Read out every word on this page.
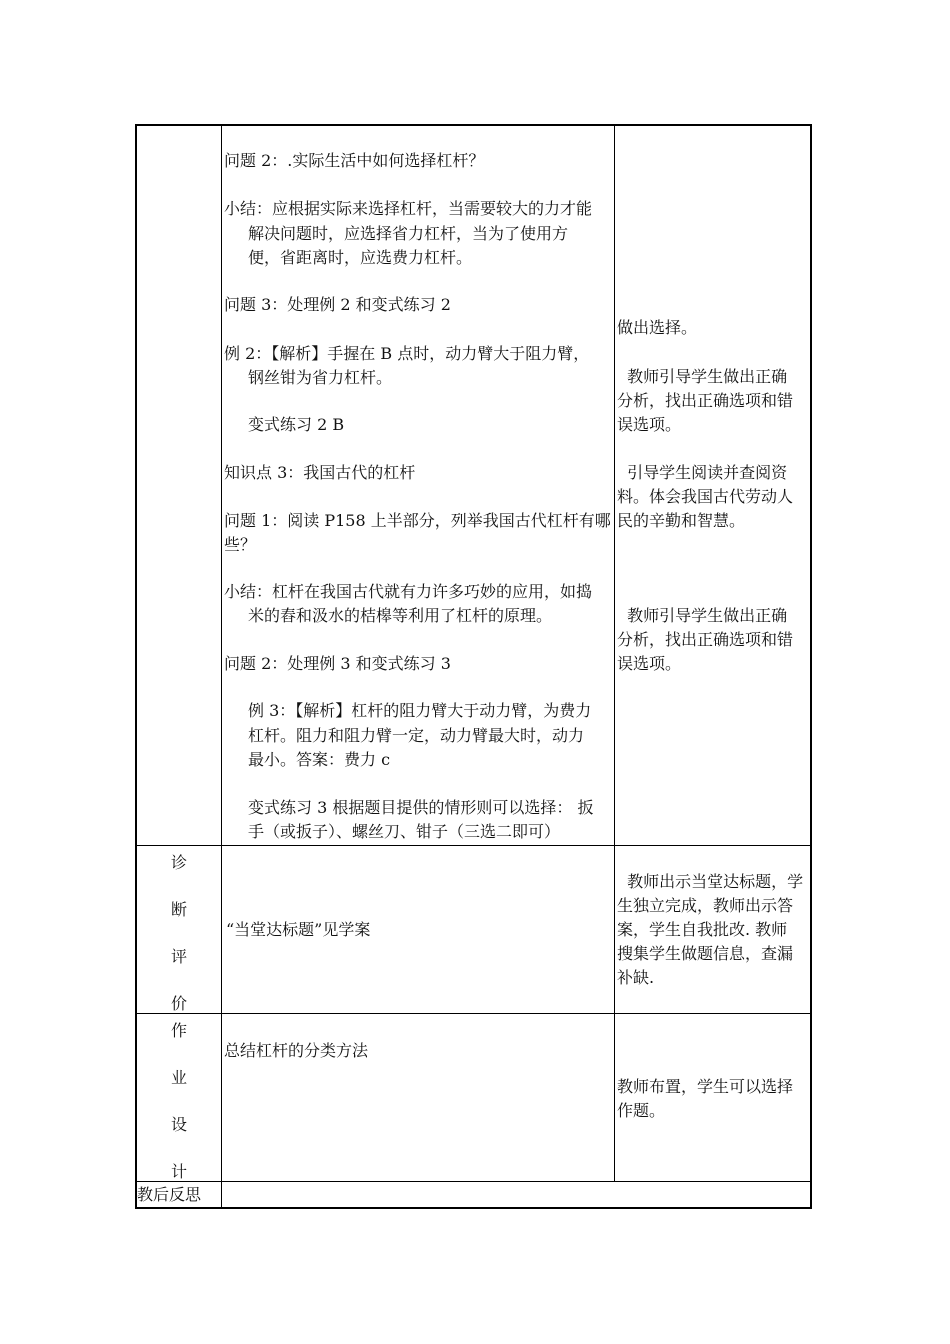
问题 2：.实际生活中如何选择杠杆？
小结：应根据实际来选择杠杆，当需要较大的力才能
解决问题时，应选择省力杠杆，当为了使用方
便，省距离时，应选费力杠杆。
问题 3：处理例 2 和变式练习 2
例 2：【解析】手握在 B 点时，动力臂大于阻力臂，
钢丝钳为省力杠杆。
变式练习 2 B
知识点 3：我国古代的杠杆
问题 1：阅读 P158 上半部分，列举我国古代杠杆有哪
些？
小结：杠杆在我国古代就有力许多巧妙的应用，如捣
米的舂和汲水的桔槔等利用了杠杆的原理。
问题 2：处理例 3 和变式练习 3
例 3：【解析】杠杆的阻力臂大于动力臂，为费力
杠杆。阻力和阻力臂一定，动力臂最大时，动力
最小。答案：费力 c
变式练习 3 根据题目提供的情形则可以选择： 扳
手（或扳子）、螺丝刀、钳子（三选二即可）
做出选择。
教师引导学生做出正确
分析，找出正确选项和错
误选项。
引导学生阅读并查阅资
料。体会我国古代劳动人
民的辛勤和智慧。
教师引导学生做出正确
分析，找出正确选项和错
误选项。
诊
断
评
价
“当堂达标题”见学案
教师出示当堂达标题，学
生独立完成，教师出示答
案，学生自我批改. 教师
搜集学生做题信息，查漏
补缺.
作
业
设
计
总结杠杆的分类方法
教师布置，学生可以选择
作题。
教后反思
